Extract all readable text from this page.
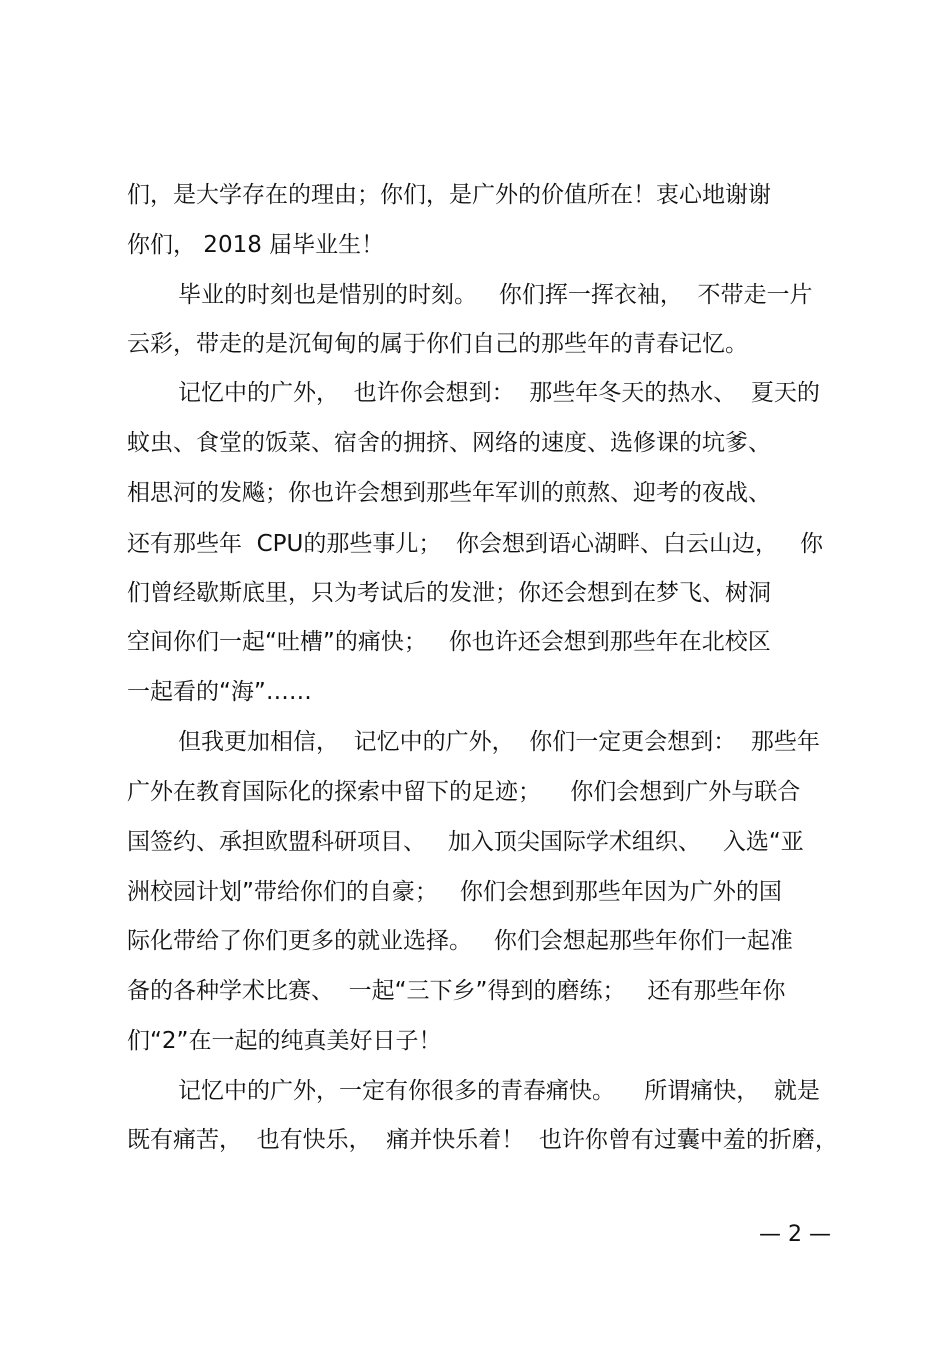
们，是大学存在的理由；你们，是广外的价值所在！衷心地谢谢
你们， 2018 届毕业生！
毕业的时刻也是惜别的时刻。   你们挥一挥衣袖，  不带走一片
云彩，带走的是沉甸甸的属于你们自己的那些年的青春记忆。
记忆中的广外，  也许你会想到：  那些年冬天的热水、  夏天的
蚊虫、食堂的饭菜、宿舍的拥挤、网络的速度、选修课的坑爹、
相思河的发飚；你也许会想到那些年军训的煎熬、迎考的夜战、
还有那些年  CPU的那些事儿；  你会想到语心湖畔、白云山边，   你
们曾经歇斯底里，只为考试后的发泄；你还会想到在梦飞、树洞
空间你们一起“吐槽”的痛快；   你也许还会想到那些年在北校区
一起看的“海”……
但我更加相信，  记忆中的广外，  你们一定更会想到：  那些年
广外在教育国际化的探索中留下的足迹；    你们会想到广外与联合
国签约、承担欧盟科研项目、   加入顶尖国际学术组织、   入选“亚
洲校园计划”带给你们的自豪；   你们会想到那些年因为广外的国
际化带给了你们更多的就业选择。   你们会想起那些年你们一起准
备的各种学术比赛、  一起“三下乡”得到的磨练；   还有那些年你
们“2”在一起的纯真美好日子！
记忆中的广外，一定有你很多的青春痛快。    所谓痛快，  就是
既有痛苦，  也有快乐，  痛并快乐着！  也许你曾有过囊中羞的折磨，
— 2 —
